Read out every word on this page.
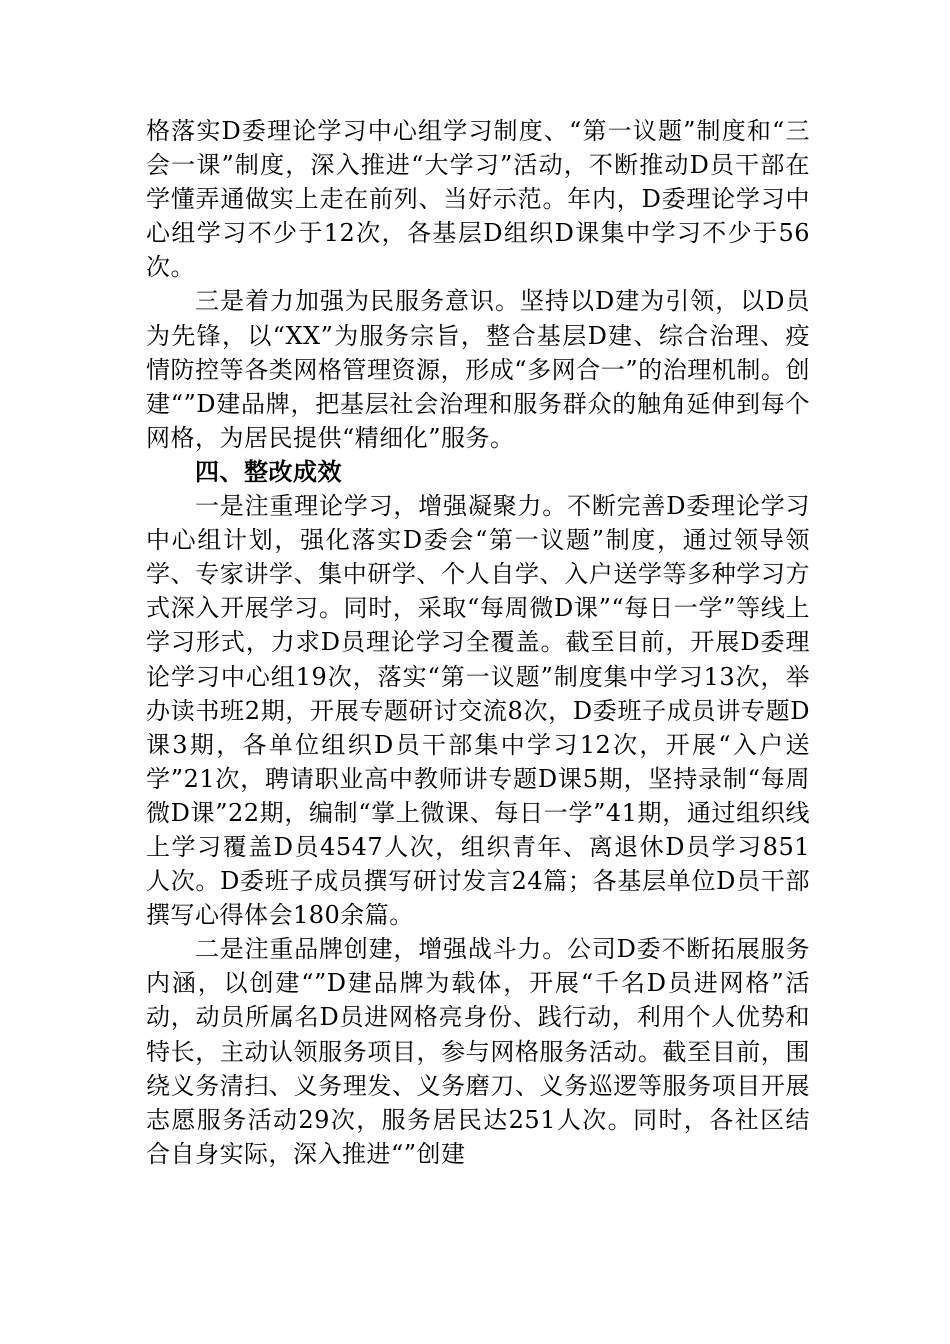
格落实D委理论学习中心组学习制度、“第一议题”制度和“三会一课”制度，深入推进“大学习”活动，不断推动D员干部在学懂弄通做实上走在前列、当好示范。年内，D委理论学习中心组学习不少于12次，各基层D组织D课集中学习不少于56次。

三是着力加强为民服务意识。坚持以D建为引领，以D员为先锋，以“XX”为服务宗旨，整合基层D建、综合治理、疫情防控等各类网格管理资源，形成“多网合一”的治理机制。创建“”D建品牌，把基层社会治理和服务群众的触角延伸到每个网格，为居民提供“精细化”服务。

四、整改成效

一是注重理论学习，增强凝聚力。不断完善D委理论学习中心组计划，强化落实D委会“第一议题”制度，通过领导领学、专家讲学、集中研学、个人自学、入户送学等多种学习方式深入开展学习。同时，采取“每周微D课”“每日一学”等线上学习形式，力求D员理论学习全覆盖。截至目前，开展D委理论学习中心组19次，落实“第一议题”制度集中学习13次，举办读书班2期，开展专题研讨交流8次，D委班子成员讲专题D课3期，各单位组织D员干部集中学习12次，开展“入户送学”21次，聘请职业高中教师讲专题D课5期，坚持录制“每周微D课”22期，编制“掌上微课、每日一学”41期，通过组织线上学习覆盖D员4547人次，组织青年、离退休D员学习851人次。D委班子成员撰写研讨发言24篇；各基层单位D员干部撰写心得体会180余篇。

二是注重品牌创建，增强战斗力。公司D委不断拓展服务内涵，以创建“”D建品牌为载体，开展“千名D员进网格”活动，动员所属名D员进网格亮身份、践行动，利用个人优势和特长，主动认领服务项目，参与网格服务活动。截至目前，围绕义务清扫、义务理发、义务磨刀、义务巡逻等服务项目开展志愿服务活动29次，服务居民达251人次。同时，各社区结合自身实际，深入推进“”创建
